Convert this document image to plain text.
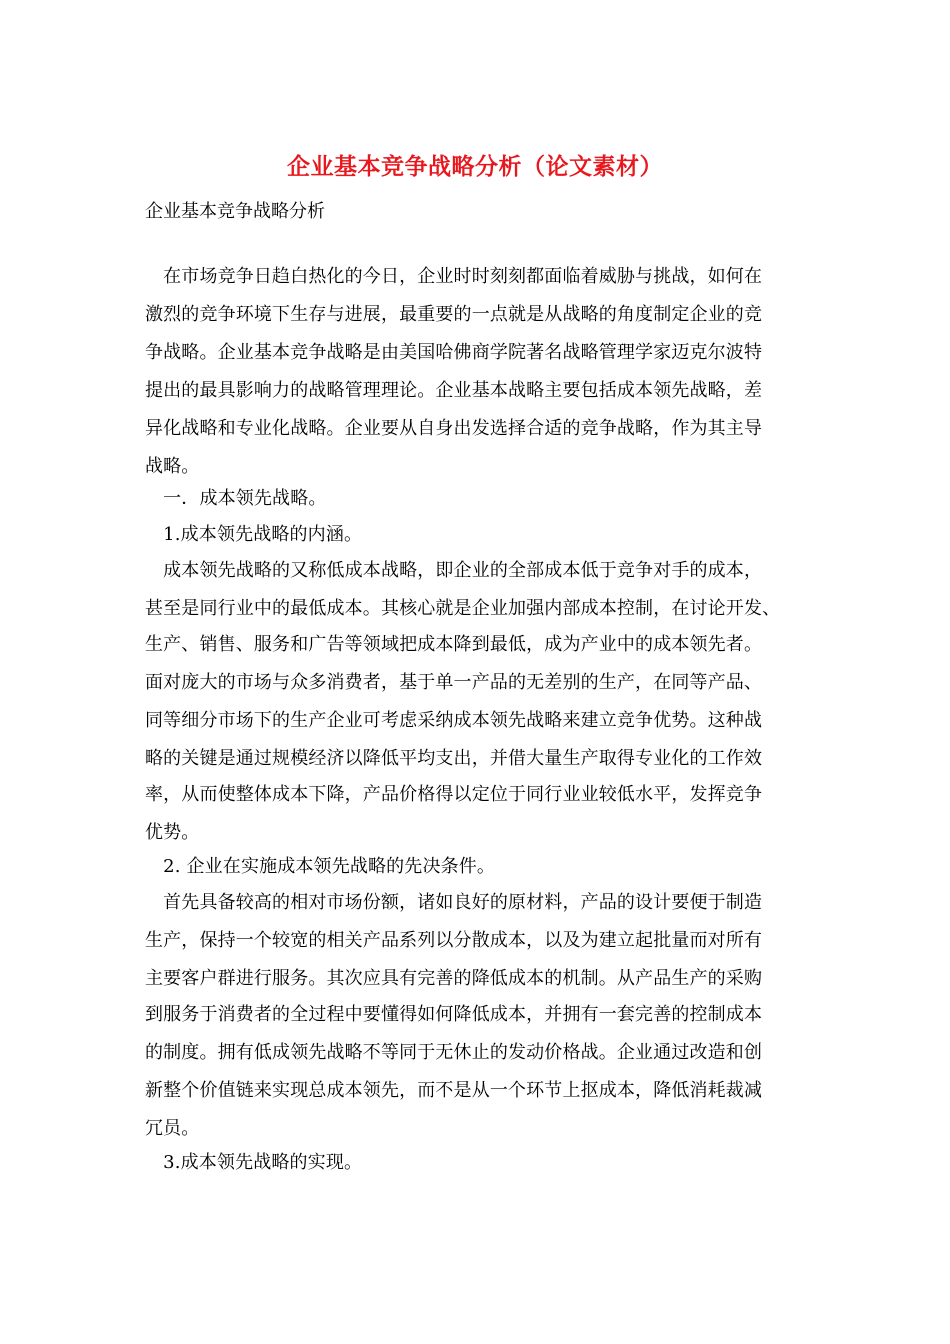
企业基本竞争战略分析（论文素材）
企业基本竞争战略分析
　在市场竞争日趋白热化的今日，企业时时刻刻都面临着威胁与挑战，如何在
激烈的竞争环境下生存与进展，最重要的一点就是从战略的角度制定企业的竞
争战略。企业基本竞争战略是由美国哈佛商学院著名战略管理学家迈克尔波特
提出的最具影响力的战略管理理论。企业基本战略主要包括成本领先战略，差
异化战略和专业化战略。企业要从自身出发选择合适的竞争战略，作为其主导
战略。
　一．成本领先战略。
　1.成本领先战略的内涵。
　成本领先战略的又称低成本战略，即企业的全部成本低于竞争对手的成本，
甚至是同行业中的最低成本。其核心就是企业加强内部成本控制，在讨论开发、
生产、销售、服务和广告等领域把成本降到最低，成为产业中的成本领先者。
面对庞大的市场与众多消费者，基于单一产品的无差别的生产，在同等产品、
同等细分市场下的生产企业可考虑采纳成本领先战略来建立竞争优势。这种战
略的关键是通过规模经济以降低平均支出，并借大量生产取得专业化的工作效
率，从而使整体成本下降，产品价格得以定位于同行业业较低水平，发挥竞争
优势。
　2. 企业在实施成本领先战略的先决条件。
　首先具备较高的相对市场份额，诸如良好的原材料，产品的设计要便于制造
生产，保持一个较宽的相关产品系列以分散成本，以及为建立起批量而对所有
主要客户群进行服务。其次应具有完善的降低成本的机制。从产品生产的采购
到服务于消费者的全过程中要懂得如何降低成本，并拥有一套完善的控制成本
的制度。拥有低成领先战略不等同于无休止的发动价格战。企业通过改造和创
新整个价值链来实现总成本领先，而不是从一个环节上抠成本，降低消耗裁减
冗员。
　3.成本领先战略的实现。
